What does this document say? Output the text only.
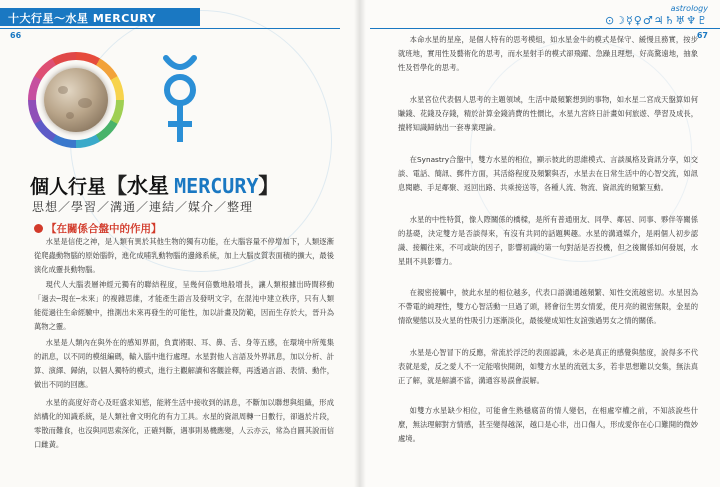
十大行星～水星 MERCURY
66
個人行星【水星 MERCURY】
思想／學習／溝通／連結／媒介／整理
【在關係合盤中的作用】

水星是信使之神，是人類有異於其他生物的獨有功能，在大腦容量不停增加下，人類逐漸從爬蟲動物腦的原始腦幹，進化成哺乳動物腦的邊緣系統，加上大腦皮質表面積的擴大，最後演化成靈長動物腦。

現代人大腦表層神經元獨有的聯結程度，呈幾何倍數地般增長，讓人類根據出時間移動「過去─現在─未來」的複雜思維，才能產生語言及發明文字，在混沌中建立秩序，只有人類能從過往生命經驗中，推測出未來再發生的可能性，加以計畫及防範，因而生存於大，晉升為萬物之靈。

水星是人類內在與外在的感知界面，負責將眼、耳、鼻、舌、身等五感，在環境中所蒐集的訊息，以不同的模組編碼，輸入腦中進行處理。水星對他人言語及外界訊息，加以分析、計算、演繹、歸納，以個人獨特的模式，進行主觀解讀和客觀詮釋，再透過言語、表情、動作，做出不同的回應。

水星的高度好奇心及旺盛求知慾，能將生活中接收到的訊息，不斷加以聯想與組織，形成結構化的知識系統，是人類社會文明化的有力工具。水星的資訊周轉一日數行，卻過於片段，零散而難食，也沒與同思索深化，正確判斷，遇事則易機應變，人云亦云，常為自圓其說而信口雌黃。

67
astrology
⊙☽☿♀♂♃♄♅♆♇

本命水星的星座，是個人特有的思考模組，如水星金牛的模式是保守、緩慢且務實，按步就班地，實用性及藝術化的思考，而水星射手的模式卻飛躍、急躁且理想，好高騖遠地，抽象性及哲學化的思考。

水星宮位代表個人思考的主題領域，生活中最頻繁想到的事物，如水星二宮成天盤算如何賺錢、花錢及存錢，精於計算金錢消費的性價比，水星九宮終日計畫如何旅遊、學習及成長，擅將知識歸納出一套專業理論。

在Synastry合盤中，雙方水星的相位，顯示彼此的思維模式、言談風格及資訊分享，如交談、電話、簡訊、郵件方面，其活絡程度及頻繁與否，水星去在日常生活中的心智交流，如訊息閱聽、手足鄰聚、返回出路、共乘接送等，各種人流、物流、資訊流的頻繁互動。

水星的中性特質，像人際關係的橋樑，是所有普通朋友、同學、鄰居、同事、夥伴等關係的基礎，決定雙方是否談得來，有沒有共同的話題興趣。水星的溝通媒介，是兩個人初步認識、接觸往來，不可或缺的因子，影響初識的第一句對話是否投機，但之後關係如何發展，水星則不具影響力。

在親密接觸中，彼此水星的相位越多，代表口語溝通越頻繁、知性交流越密切。水星因為不帶電的純理性，雙方心智活動一旦過了頭，將會衍生男女情愛，使月亮的親密無限，金星的情欲變態以及火星的性吸引力逐漸淡化，最後變成知性友誼強過男女之情的關係。

水星是心智冒下的反應，常流於浮泛的表面認識，未必是真正的感覺與態度，說得多不代表就是愛，反之愛人不一定能嘻快開朗，如雙方水星的流剋太多，若非思想難以交集，無法真正了解，就是解讀不當，溝通容易誤會誤解。

如雙方水星缺少相位，可能會生熟穩腐苗的情人變侶，在相處窄權之前，不知該說些什麼，無法理解對方情感，甚至變得越深，越口是心非，出口傷人，形成愛你在心口難開的微妙處境。
